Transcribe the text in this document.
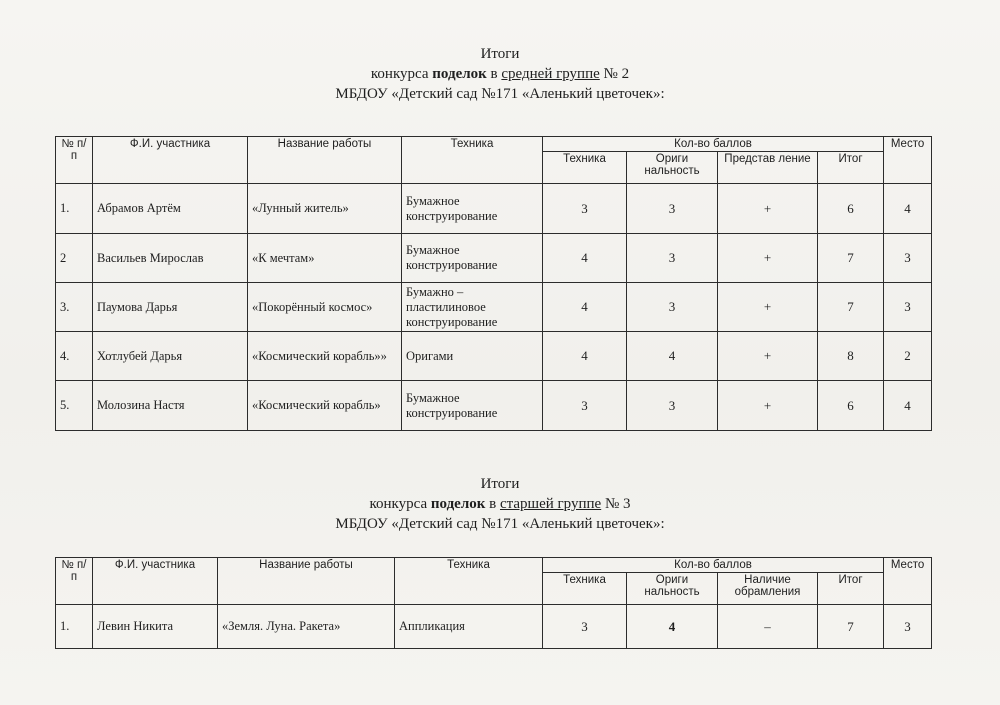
Итоги
конкурса поделок в средней группе № 2
МБДОУ «Детский сад №171 «Аленький цветочек»:
№ п/п	Ф.И. участника	Название работы	Техника	Кол-во баллов				Место
				Техника	Ориги нальность	Представ ление	Итог	
1.	Абрамов Артём	«Лунный житель»	Бумажное конструирование	3	3	+	6	4
2	Васильев Мирослав	«К мечтам»	Бумажное конструирование	4	3	+	7	3
3.	Паумова Дарья	«Покорённый космос»	Бумажно – пластилиновое конструирование	4	3	+	7	3
4.	Хотлубей Дарья	«Космический корабль»»	Оригами	4	4	+	8	2
5.	Молозина Настя	«Космический корабль»	Бумажное конструирование	3	3	+	6	4
Итоги
конкурса поделок в старшей группе № 3
МБДОУ «Детский сад №171 «Аленький цветочек»:
№ п/п	Ф.И. участника	Название работы	Техника	Кол-во баллов				Место
				Техника	Ориги нальность	Наличие обрамления	Итог	
1.	Левин Никита	«Земля. Луна. Ракета»	Аппликация	3	4	–	7	3
